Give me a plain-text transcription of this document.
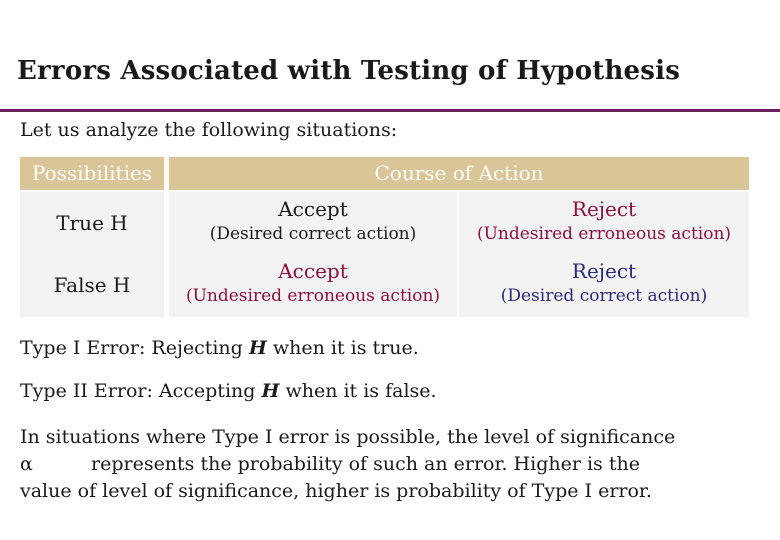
Errors Associated with Testing of Hypothesis
Let us analyze the following situations:
Possibilities	Course of Action
True H
Accept
(Desired correct action)
Reject
(Undesired erroneous action)
False H
Accept
(Undesired erroneous action)
Reject
(Desired correct action)
Type I Error: Rejecting H when it is true.
Type II Error: Accepting H when it is false.
In situations where Type I error is possible, the level of significance
α	represents the probability of such an error. Higher is the
value of level of significance, higher is probability of Type I error.
